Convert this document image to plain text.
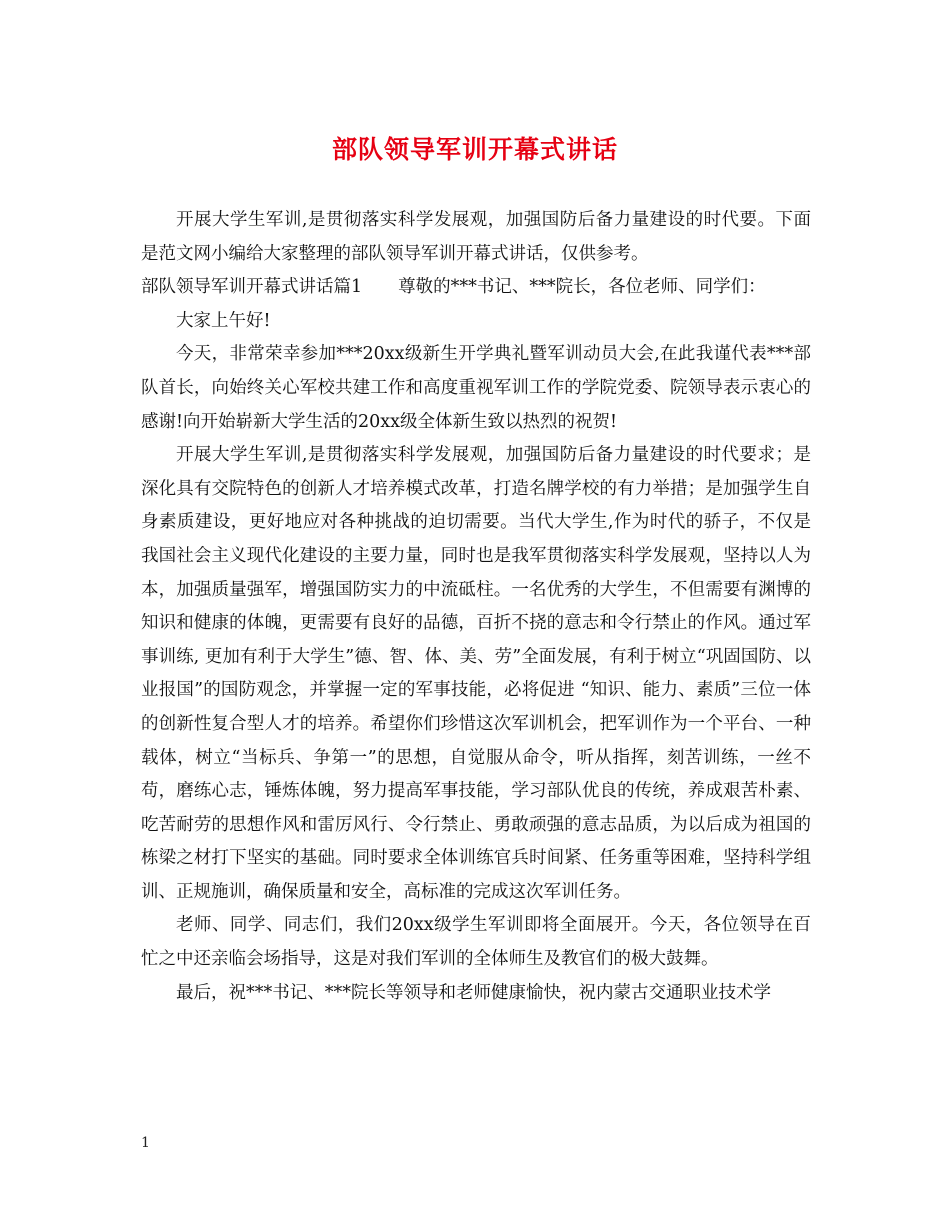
部队领导军训开幕式讲话

开展大学生军训,是贯彻落实科学发展观，加强国防后备力量建设的时代要。下面是范文网小编给大家整理的部队领导军训开幕式讲话，仅供参考。

部队领导军训开幕式讲话篇1 尊敬的***书记、***院长，各位老师、同学们：

大家上午好!

今天，非常荣幸参加***20xx级新生开学典礼暨军训动员大会,在此我谨代表***部队首长，向始终关心军校共建工作和高度重视军训工作的学院党委、院领导表示衷心的感谢!向开始崭新大学生活的20xx级全体新生致以热烈的祝贺!

开展大学生军训,是贯彻落实科学发展观，加强国防后备力量建设的时代要求；是深化具有交院特色的创新人才培养模式改革，打造名牌学校的有力举措；是加强学生自身素质建设，更好地应对各种挑战的迫切需要。当代大学生,作为时代的骄子，不仅是我国社会主义现代化建设的主要力量，同时也是我军贯彻落实科学发展观，坚持以人为本，加强质量强军，增强国防实力的中流砥柱。一名优秀的大学生，不但需要有渊博的知识和健康的体魄，更需要有良好的品德，百折不挠的意志和令行禁止的作风。通过军事训练, 更加有利于大学生”德、智、体、美、劳”全面发展，有利于树立“巩固国防、以业报国”的国防观念，并掌握一定的军事技能，必将促进 “知识、能力、素质”三位一体的创新性复合型人才的培养。希望你们珍惜这次军训机会，把军训作为一个平台、一种载体，树立“当标兵、争第一”的思想，自觉服从命令，听从指挥，刻苦训练，一丝不苟，磨练心志，锤炼体魄，努力提高军事技能，学习部队优良的传统，养成艰苦朴素、吃苦耐劳的思想作风和雷厉风行、令行禁止、勇敢顽强的意志品质，为以后成为祖国的栋梁之材打下坚实的基础。同时要求全体训练官兵时间紧、任务重等困难，坚持科学组训、正规施训，确保质量和安全，高标准的完成这次军训任务。

老师、同学、同志们，我们20xx级学生军训即将全面展开。今天，各位领导在百忙之中还亲临会场指导，这是对我们军训的全体师生及教官们的极大鼓舞。

最后，祝***书记、***院长等领导和老师健康愉快，祝内蒙古交通职业技术学

1
